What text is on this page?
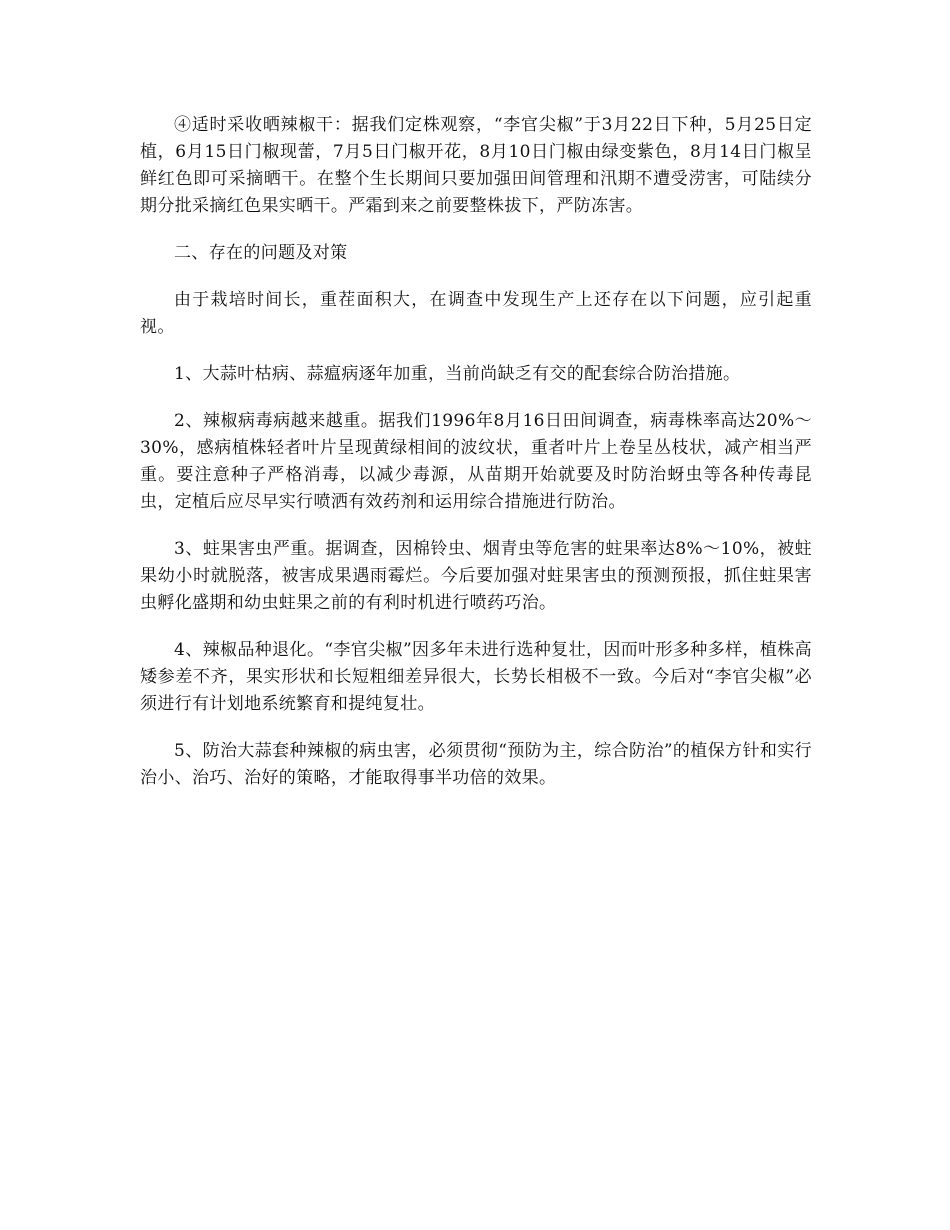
④适时采收晒辣椒干：据我们定株观察，“李官尖椒”于3月22日下种，5月25日定植，6月15日门椒现蕾，7月5日门椒开花，8月10日门椒由绿变紫色，8月14日门椒呈鲜红色即可采摘晒干。在整个生长期间只要加强田间管理和汛期不遭受涝害，可陆续分期分批采摘红色果实晒干。严霜到来之前要整株拔下，严防冻害。

二、存在的问题及对策

由于栽培时间长，重茬面积大，在调查中发现生产上还存在以下问题，应引起重视。

1、大蒜叶枯病、蒜瘟病逐年加重，当前尚缺乏有交的配套综合防治措施。

2、辣椒病毒病越来越重。据我们1996年8月16日田间调查，病毒株率高达20%～30%，感病植株轻者叶片呈现黄绿相间的波纹状，重者叶片上卷呈丛枝状，减产相当严重。要注意种子严格消毒，以减少毒源，从苗期开始就要及时防治蚜虫等各种传毒昆虫，定植后应尽早实行喷洒有效药剂和运用综合措施进行防治。

3、蛀果害虫严重。据调查，因棉铃虫、烟青虫等危害的蛀果率达8%～10%，被蛀果幼小时就脱落，被害成果遇雨霉烂。今后要加强对蛀果害虫的预测预报，抓住蛀果害虫孵化盛期和幼虫蛀果之前的有利时机进行喷药巧治。

4、辣椒品种退化。“李官尖椒”因多年未进行选种复壮，因而叶形多种多样，植株高矮参差不齐，果实形状和长短粗细差异很大，长势长相极不一致。今后对“李官尖椒”必须进行有计划地系统繁育和提纯复壮。

5、防治大蒜套种辣椒的病虫害，必须贯彻“预防为主，综合防治”的植保方针和实行治小、治巧、治好的策略，才能取得事半功倍的效果。
